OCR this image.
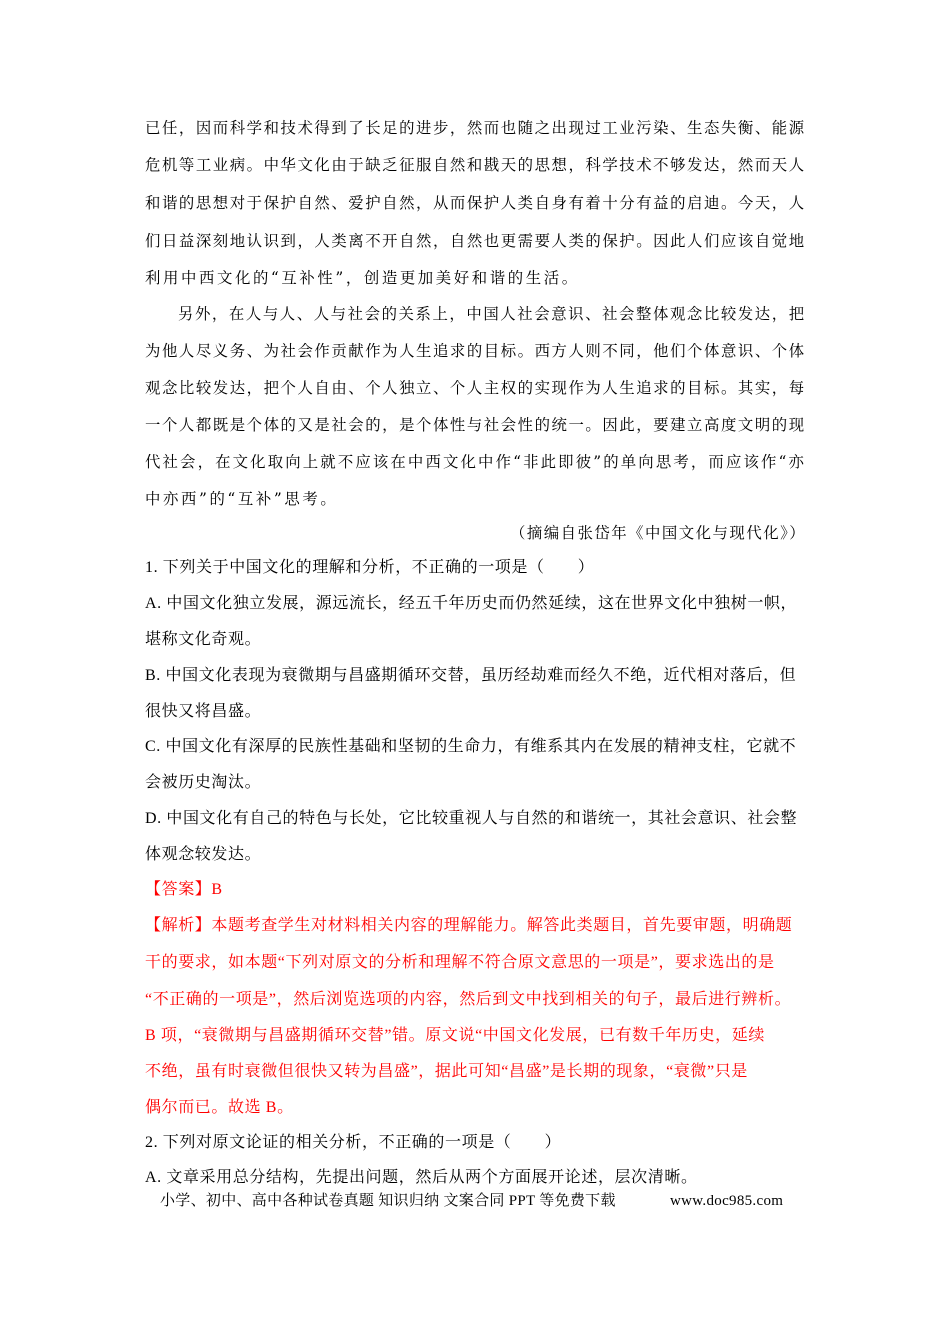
已任，因而科学和技术得到了长足的进步，然而也随之出现过工业污染、生态失衡、能源
危机等工业病。中华文化由于缺乏征服自然和戡天的思想，科学技术不够发达，然而天人
和谐的思想对于保护自然、爱护自然，从而保护人类自身有着十分有益的启迪。今天，人
们日益深刻地认识到，人类离不开自然，自然也更需要人类的保护。因此人们应该自觉地
利用中西文化的“互补性”，创造更加美好和谐的生活。
另外，在人与人、人与社会的关系上，中国人社会意识、社会整体观念比较发达，把
为他人尽义务、为社会作贡献作为人生追求的目标。西方人则不同，他们个体意识、个体
观念比较发达，把个人自由、个人独立、个人主权的实现作为人生追求的目标。其实，每
一个人都既是个体的又是社会的，是个体性与社会性的统一。因此，要建立高度文明的现
代社会，在文化取向上就不应该在中西文化中作“非此即彼”的单向思考，而应该作“亦
中亦西”的“互补”思考。
（摘编自张岱年《中国文化与现代化》）
1. 下列关于中国文化的理解和分析，不正确的一项是（　　）
A. 中国文化独立发展，源远流长，经五千年历史而仍然延续，这在世界文化中独树一帜，
堪称文化奇观。
B. 中国文化表现为衰微期与昌盛期循环交替，虽历经劫难而经久不绝，近代相对落后，但
很快又将昌盛。
C. 中国文化有深厚的民族性基础和坚韧的生命力，有维系其内在发展的精神支柱，它就不
会被历史淘汰。
D. 中国文化有自己的特色与长处，它比较重视人与自然的和谐统一，其社会意识、社会整
体观念较发达。
【答案】B
【解析】本题考查学生对材料相关内容的理解能力。解答此类题目，首先要审题，明确题
干的要求，如本题“下列对原文的分析和理解不符合原文意思的一项是”，要求选出的是
“不正确的一项是”，然后浏览选项的内容，然后到文中找到相关的句子，最后进行辨析。
B 项，“衰微期与昌盛期循环交替”错。原文说“中国文化发展，已有数千年历史，延续
不绝，虽有时衰微但很快又转为昌盛”，据此可知“昌盛”是长期的现象，“衰微”只是
偶尔而已。故选 B。
2. 下列对原文论证的相关分析，不正确的一项是（　　）
A. 文章采用总分结构，先提出问题，然后从两个方面展开论述，层次清晰。
小学、初中、高中各种试卷真题 知识归纳 文案合同 PPT 等免费下载	www.doc985.com
